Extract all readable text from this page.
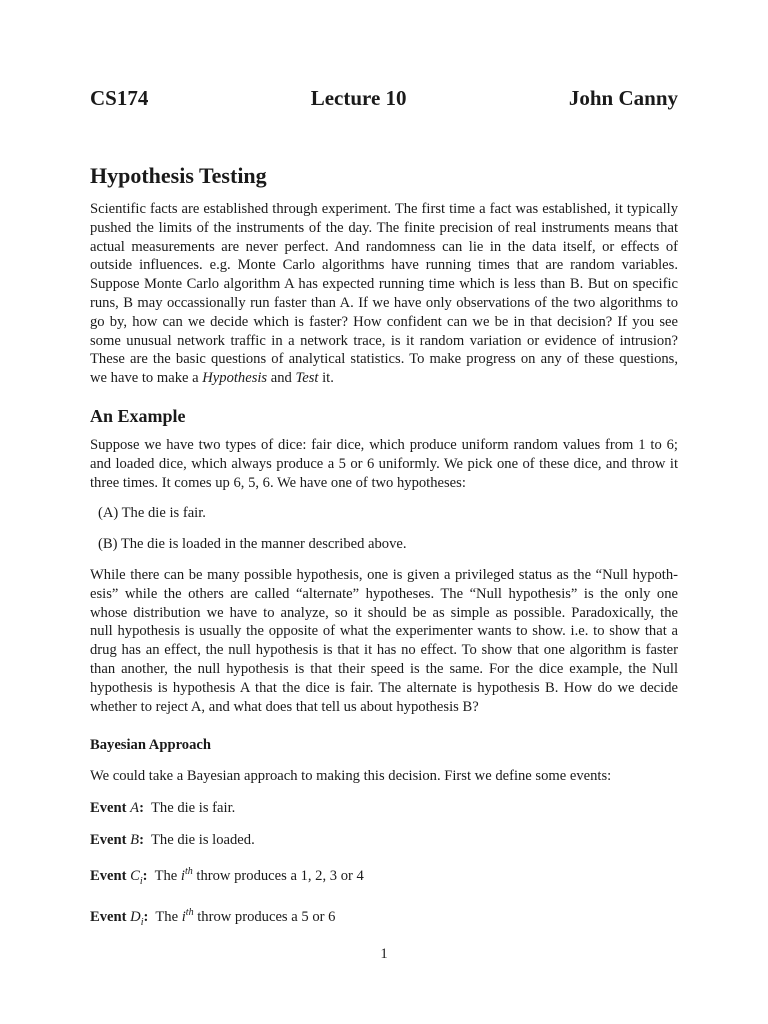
CS174	Lecture 10	John Canny
Hypothesis Testing

Scientific facts are established through experiment. The first time a fact was established, it typically
pushed the limits of the instruments of the day. The finite precision of real instruments means that
actual measurements are never perfect. And randomness can lie in the data itself, or effects of
outside influences. e.g. Monte Carlo algorithms have running times that are random variables.
Suppose Monte Carlo algorithm A has expected running time which is less than B. But on specific
runs, B may occassionally run faster than A. If we have only observations of the two algorithms to
go by, how can we decide which is faster? How confident can we be in that decision? If you see
some unusual network traffic in a network trace, is it random variation or evidence of intrusion?
These are the basic questions of analytical statistics. To make progress on any of these questions,
we have to make a Hypothesis and Test it.

An Example

Suppose we have two types of dice: fair dice, which produce uniform random values from 1 to 6;
and loaded dice, which always produce a 5 or 6 uniformly. We pick one of these dice, and throw it
three times. It comes up 6, 5, 6. We have one of two hypotheses:

(A) The die is fair.
(B) The die is loaded in the manner described above.

While there can be many possible hypothesis, one is given a privileged status as the “Null hypoth-
esis” while the others are called “alternate” hypotheses. The “Null hypothesis” is the only one
whose distribution we have to analyze, so it should be as simple as possible. Paradoxically, the
null hypothesis is usually the opposite of what the experimenter wants to show. i.e. to show that a
drug has an effect, the null hypothesis is that it has no effect. To show that one algorithm is faster
than another, the null hypothesis is that their speed is the same. For the dice example, the Null
hypothesis is hypothesis A that the dice is fair. The alternate is hypothesis B. How do we decide
whether to reject A, and what does that tell us about hypothesis B?

Bayesian Approach

We could take a Bayesian approach to making this decision. First we define some events:

Event A: The die is fair.
Event B: The die is loaded.
Event $C_i$: The $i^{th}$ throw produces a 1, 2, 3 or 4
Event $D_i$: The $i^{th}$ throw produces a 5 or 6
1
